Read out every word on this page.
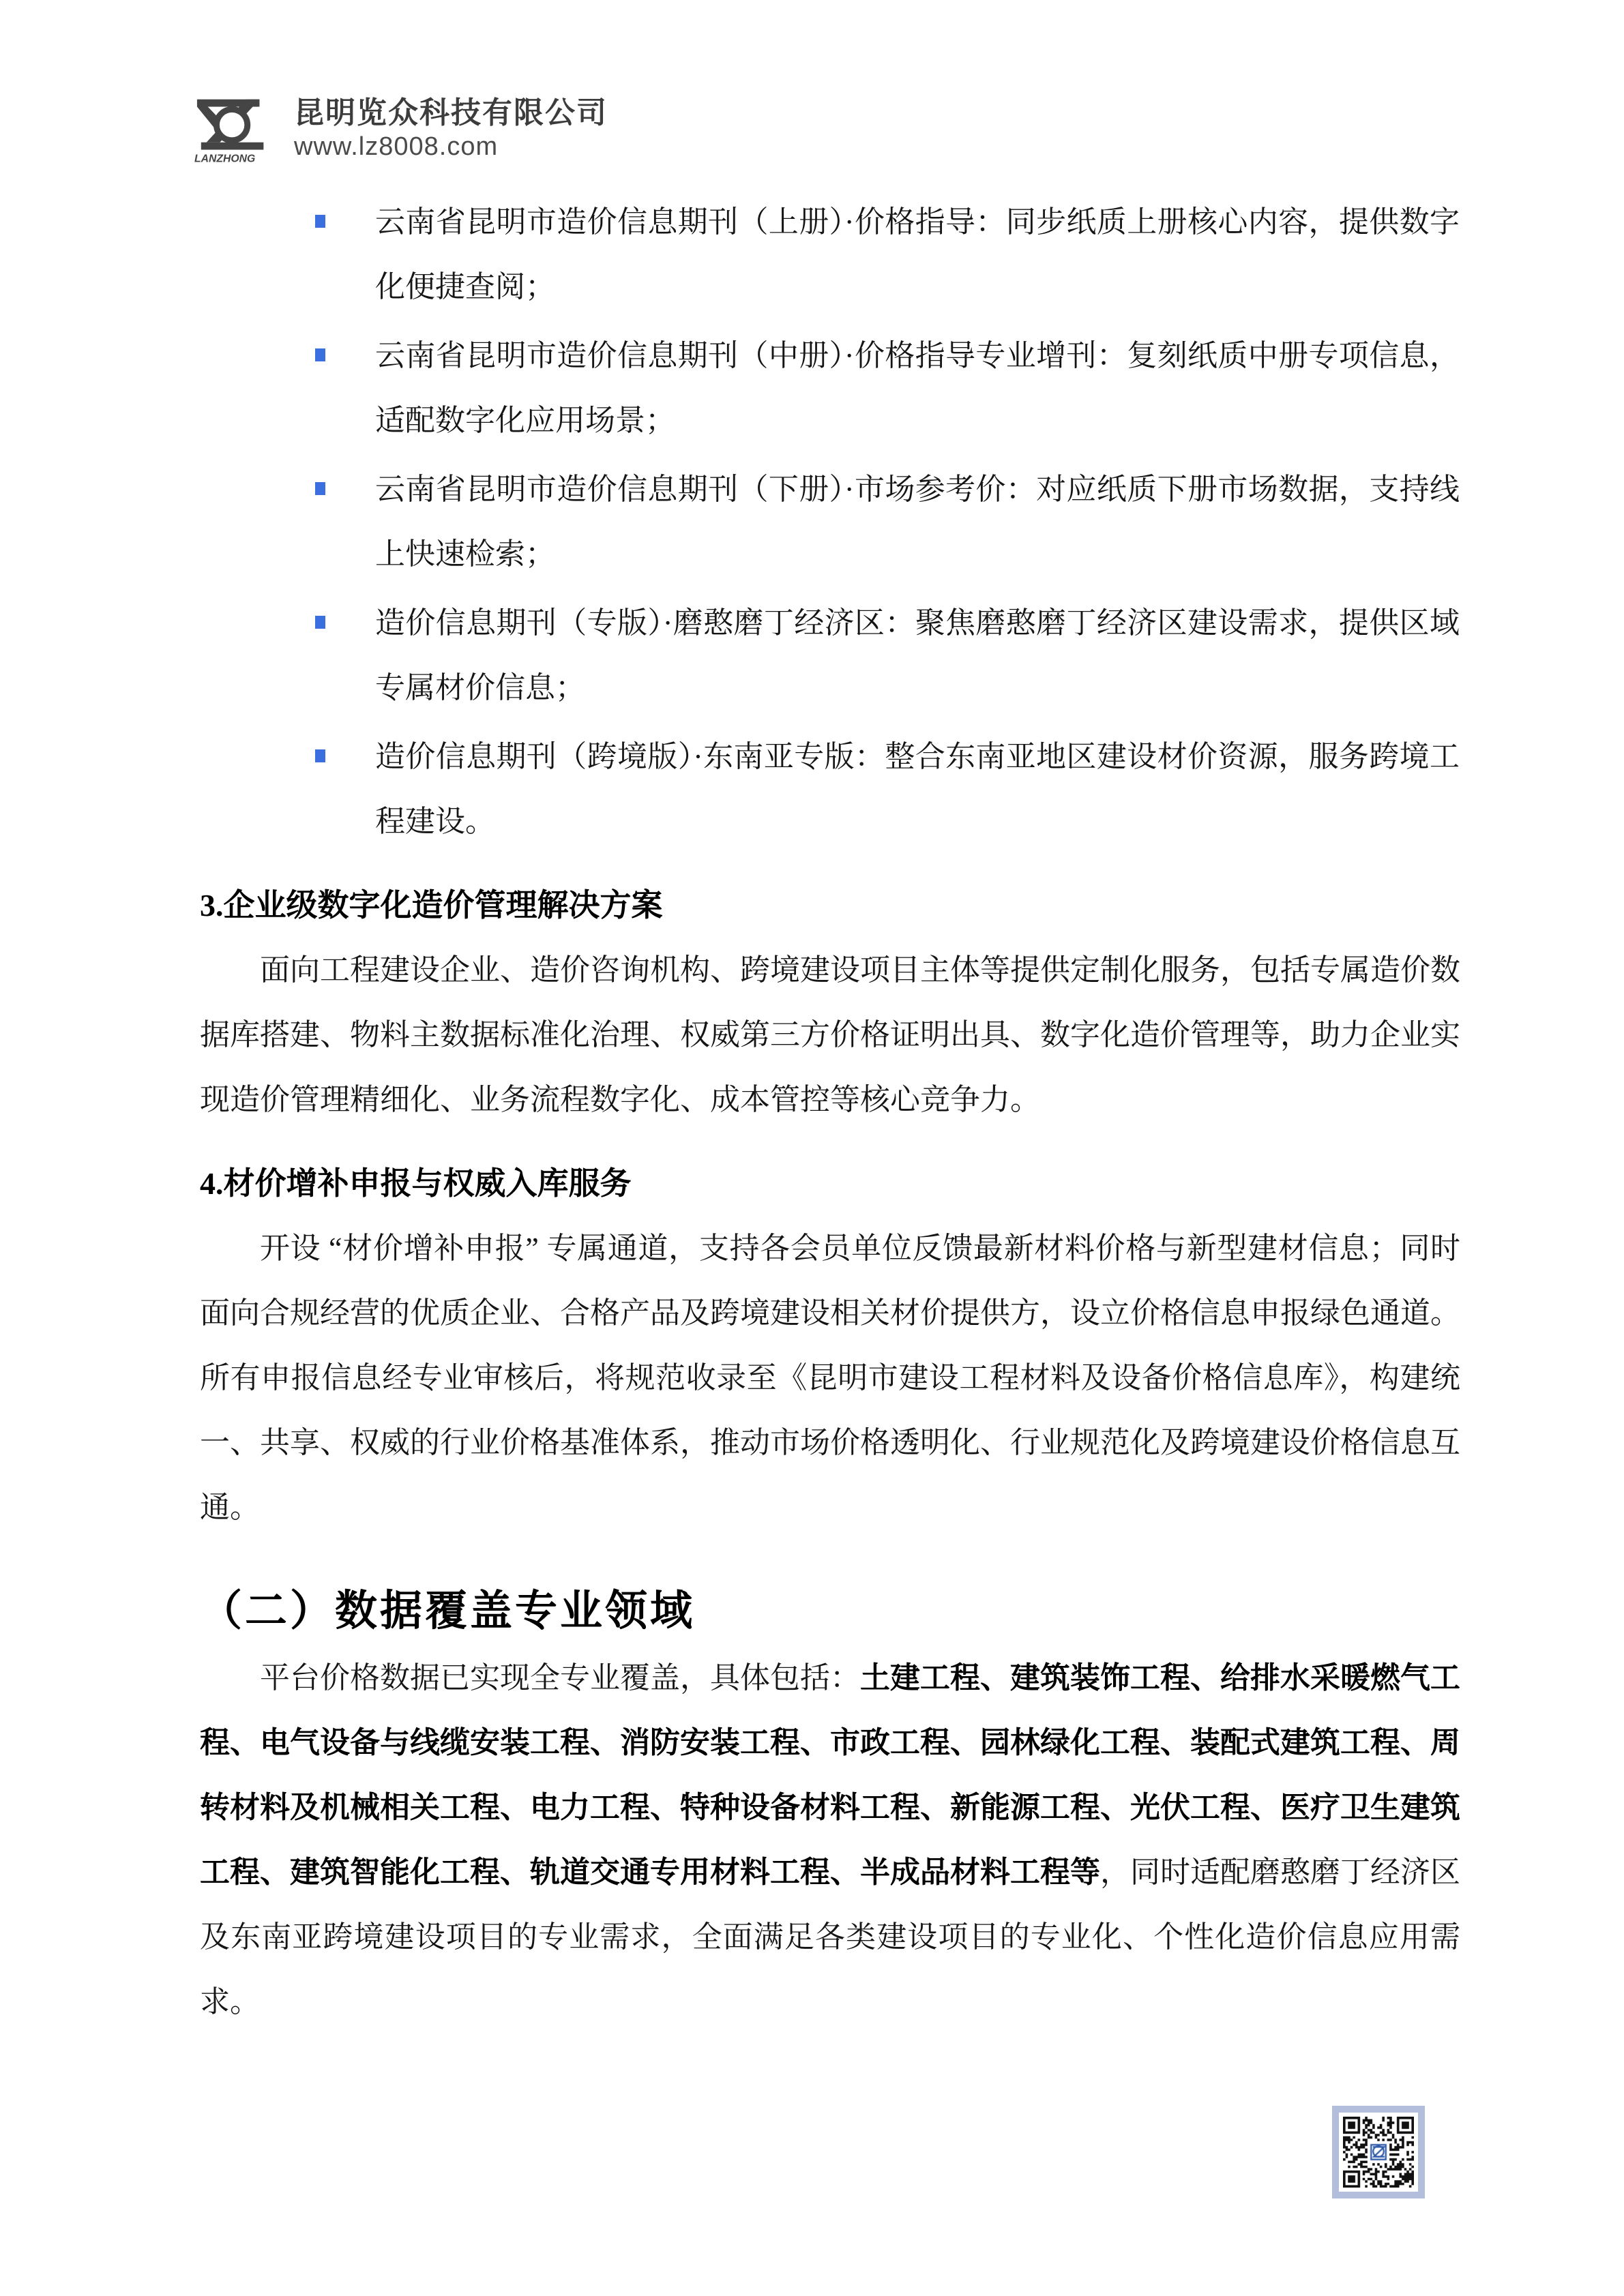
LANZHONG
昆明览众科技有限公司
www.lz8008.com
云南省昆明市造价信息期刊（上册）·价格指导：同步纸质上册核心内容，提供数字化便捷查阅；
云南省昆明市造价信息期刊（中册）·价格指导专业增刊：复刻纸质中册专项信息，适配数字化应用场景；
云南省昆明市造价信息期刊（下册）·市场参考价：对应纸质下册市场数据，支持线上快速检索；
造价信息期刊（专版）·磨憨磨丁经济区：聚焦磨憨磨丁经济区建设需求，提供区域专属材价信息；
造价信息期刊（跨境版）·东南亚专版：整合东南亚地区建设材价资源，服务跨境工程建设。
3.企业级数字化造价管理解决方案

面向工程建设企业、造价咨询机构、跨境建设项目主体等提供定制化服务，包括专属造价数据库搭建、物料主数据标准化治理、权威第三方价格证明出具、数字化造价管理等，助力企业实现造价管理精细化、业务流程数字化、成本管控等核心竞争力。

4.材价增补申报与权威入库服务

开设 “材价增补申报” 专属通道，支持各会员单位反馈最新材料价格与新型建材信息；同时面向合规经营的优质企业、合格产品及跨境建设相关材价提供方，设立价格信息申报绿色通道。所有申报信息经专业审核后，将规范收录至《昆明市建设工程材料及设备价格信息库》，构建统一、共享、权威的行业价格基准体系，推动市场价格透明化、行业规范化及跨境建设价格信息互通。

（二）数据覆盖专业领域

平台价格数据已实现全专业覆盖，具体包括：土建工程、建筑装饰工程、给排水采暖燃气工程、电气设备与线缆安装工程、消防安装工程、市政工程、园林绿化工程、装配式建筑工程、周转材料及机械相关工程、电力工程、特种设备材料工程、新能源工程、光伏工程、医疗卫生建筑工程、建筑智能化工程、轨道交通专用材料工程、半成品材料工程等，同时适配磨憨磨丁经济区及东南亚跨境建设项目的专业需求，全面满足各类建设项目的专业化、个性化造价信息应用需求。
